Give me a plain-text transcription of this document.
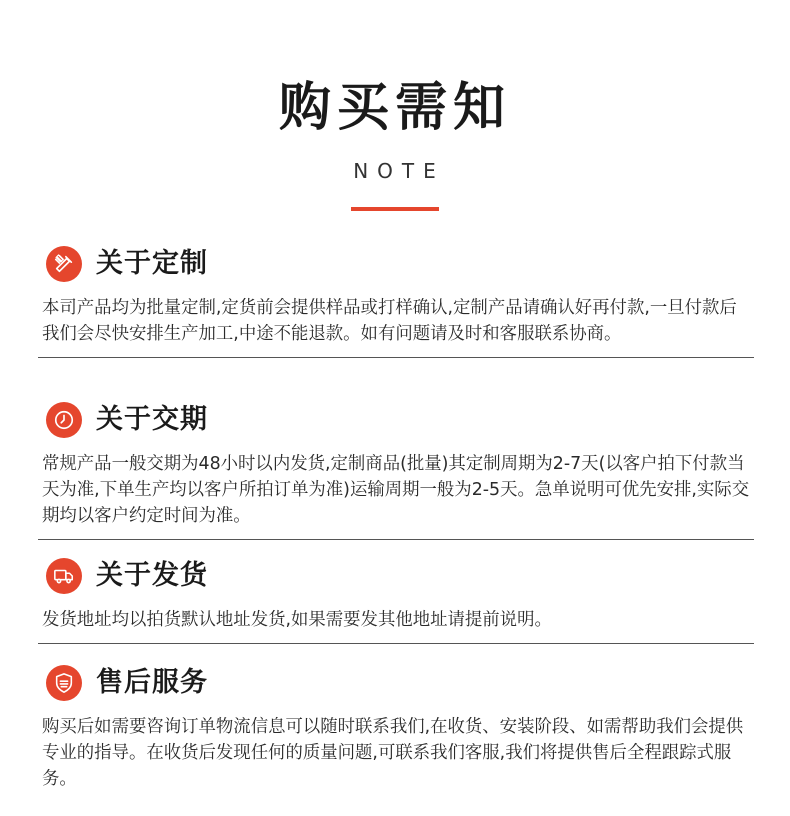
购买需知
NOTE
关于定制
本司产品均为批量定制,定货前会提供样品或打样确认,定制产品请确认好再付款,一旦付款后我们会尽快安排生产加工,中途不能退款。如有问题请及时和客服联系协商。
关于交期
常规产品一般交期为48小时以内发货,定制商品(批量)其定制周期为2-7天(以客户拍下付款当天为准,下单生产均以客户所拍订单为准)运输周期一般为2-5天。急单说明可优先安排,实际交期均以客户约定时间为准。
关于发货
发货地址均以拍货默认地址发货,如果需要发其他地址请提前说明。
售后服务
购买后如需要咨询订单物流信息可以随时联系我们,在收货、安装阶段、如需帮助我们会提供专业的指导。在收货后发现任何的质量问题,可联系我们客服,我们将提供售后全程跟踪式服务。
